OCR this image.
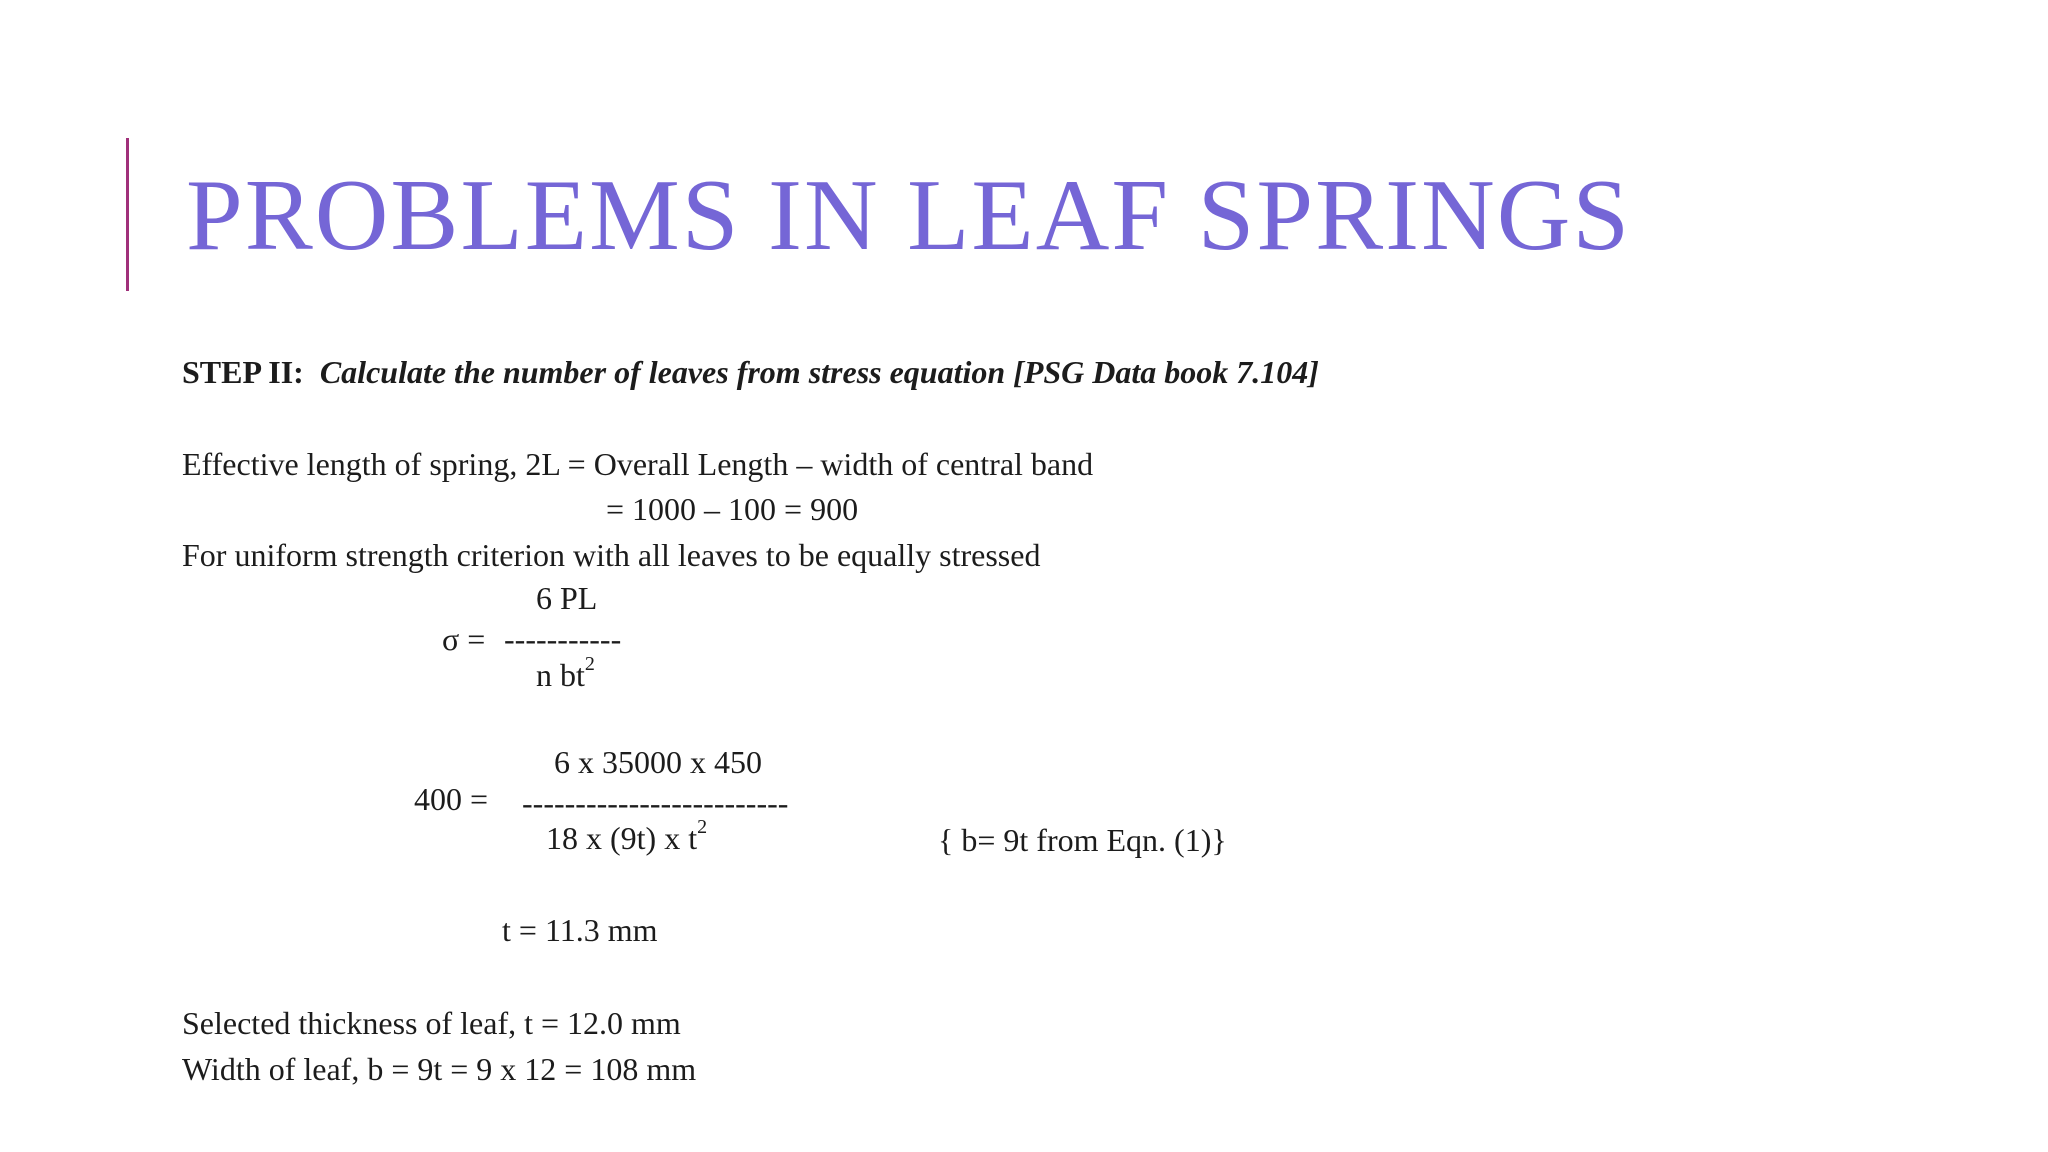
PROBLEMS IN LEAF SPRINGS
STEP II: Calculate the number of leaves from stress equation [PSG Data book 7.104]
Effective length of spring, 2L = Overall Length – width of central band
= 1000 – 100 = 900
For uniform strength criterion with all leaves to be equally stressed
6 PL
σ = -----------
n $bt^2$
6 x 35000 x 450
400 = -------------------------
18 x (9t) x $t^2$	{ b= 9t from Eqn. (1)}
t = 11.3 mm
Selected thickness of leaf, t = 12.0 mm
Width of leaf, b = 9t = 9 x 12 = 108 mm
